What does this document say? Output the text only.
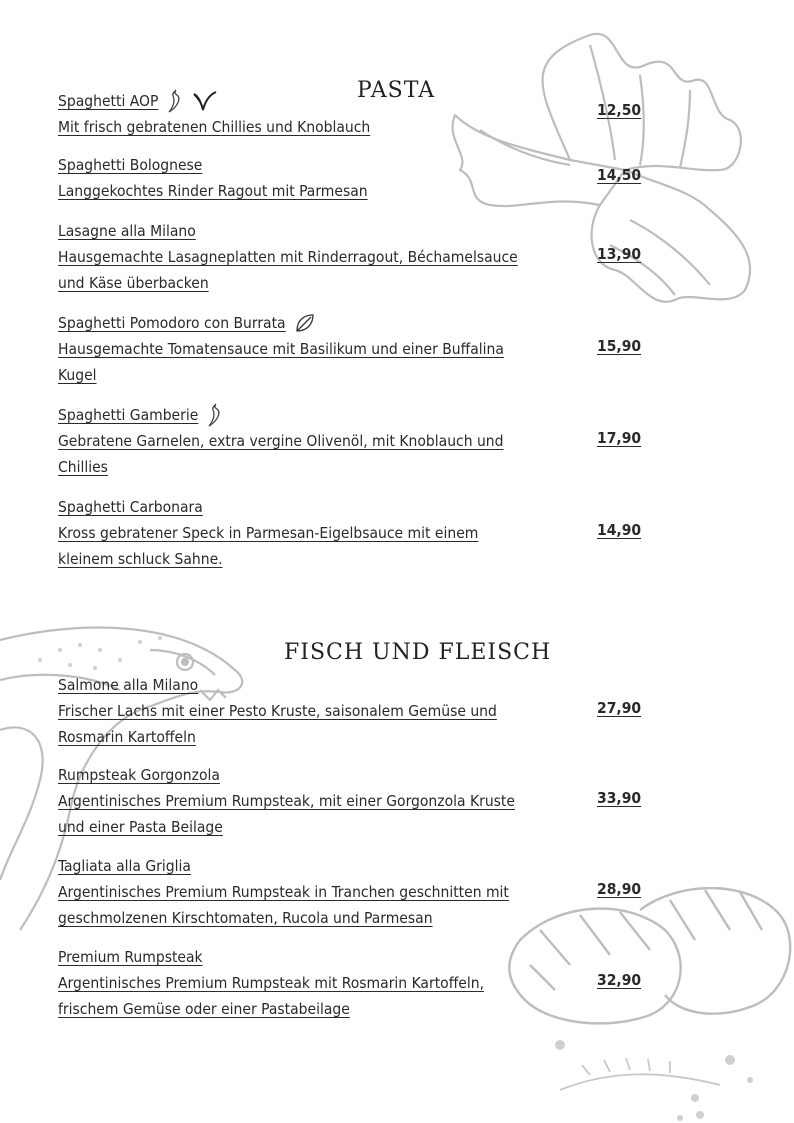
PASTA
Spaghetti AOP
Mit frisch gebratenen Chillies und Knoblauch
12,50
Spaghetti Bolognese
Langgekochtes Rinder Ragout mit Parmesan
14,50
Lasagne alla Milano
Hausgemachte Lasagneplatten mit Rinderragout, Béchamelsauce
und Käse überbacken
13,90
Spaghetti Pomodoro con Burrata
Hausgemachte Tomatensauce mit Basilikum und einer Buffalina
Kugel
15,90
Spaghetti Gamberie
Gebratene Garnelen, extra vergine Olivenöl, mit Knoblauch und
Chillies
17,90
Spaghetti Carbonara
Kross gebratener Speck in Parmesan-Eigelbsauce mit einem
kleinem schluck Sahne.
14,90
FISCH UND FLEISCH
Salmone alla Milano
Frischer Lachs mit einer Pesto Kruste, saisonalem Gemüse und
Rosmarin Kartoffeln
27,90
Rumpsteak Gorgonzola
Argentinisches Premium Rumpsteak, mit einer Gorgonzola Kruste
und einer Pasta Beilage
33,90
Tagliata alla Griglia
Argentinisches Premium Rumpsteak in Tranchen geschnitten mit
geschmolzenen Kirschtomaten, Rucola und Parmesan
28,90
Premium Rumpsteak
Argentinisches Premium Rumpsteak mit Rosmarin Kartoffeln,
frischem Gemüse oder einer Pastabeilage
32,90
